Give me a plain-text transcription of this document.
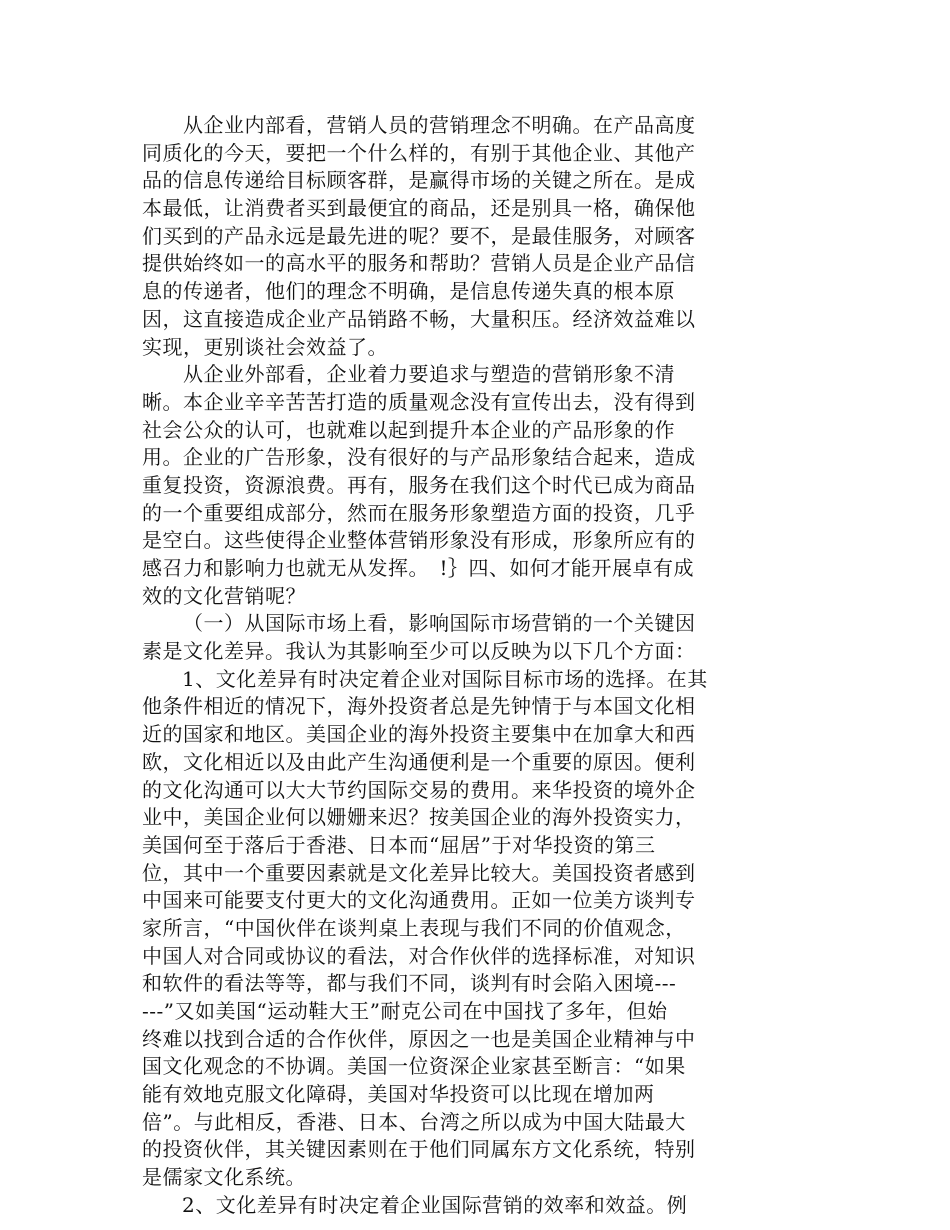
从企业内部看，营销人员的营销理念不明确。在产品高度
同质化的今天，要把一个什么样的，有别于其他企业、其他产
品的信息传递给目标顾客群，是赢得市场的关键之所在。是成
本最低，让消费者买到最便宜的商品，还是别具一格，确保他
们买到的产品永远是最先进的呢？要不，是最佳服务，对顾客
提供始终如一的高水平的服务和帮助？营销人员是企业产品信
息的传递者，他们的理念不明确，是信息传递失真的根本原
因，这直接造成企业产品销路不畅，大量积压。经济效益难以
实现，更别谈社会效益了。
从企业外部看，企业着力要追求与塑造的营销形象不清
晰。本企业辛辛苦苦打造的质量观念没有宣传出去，没有得到
社会公众的认可，也就难以起到提升本企业的产品形象的作
用。企业的广告形象，没有很好的与产品形象结合起来，造成
重复投资，资源浪费。再有，服务在我们这个时代已成为商品
的一个重要组成部分，然而在服务形象塑造方面的投资，几乎
是空白。这些使得企业整体营销形象没有形成，形象所应有的
感召力和影响力也就无从发挥。　!｝四、如何才能开展卓有成
效的文化营销呢？
（一）从国际市场上看，影响国际市场营销的一个关键因
素是文化差异。我认为其影响至少可以反映为以下几个方面：
1、文化差异有时决定着企业对国际目标市场的选择。在其
他条件相近的情况下，海外投资者总是先钟情于与本国文化相
近的国家和地区。美国企业的海外投资主要集中在加拿大和西
欧，文化相近以及由此产生沟通便利是一个重要的原因。便利
的文化沟通可以大大节约国际交易的费用。来华投资的境外企
业中，美国企业何以姗姗来迟？按美国企业的海外投资实力，
美国何至于落后于香港、日本而“屈居”于对华投资的第三
位，其中一个重要因素就是文化差异比较大。美国投资者感到
中国来可能要支付更大的文化沟通费用。正如一位美方谈判专
家所言，“中国伙伴在谈判桌上表现与我们不同的价值观念，
中国人对合同或协议的看法，对合作伙伴的选择标准，对知识
和软件的看法等等，都与我们不同，谈判有时会陷入困境---
---”又如美国“运动鞋大王”耐克公司在中国找了多年，但始
终难以找到合适的合作伙伴，原因之一也是美国企业精神与中
国文化观念的不协调。美国一位资深企业家甚至断言：“如果
能有效地克服文化障碍，美国对华投资可以比现在增加两
倍”。与此相反，香港、日本、台湾之所以成为中国大陆最大
的投资伙伴，其关键因素则在于他们同属东方文化系统，特别
是儒家文化系统。
2、文化差异有时决定着企业国际营销的效率和效益。例
